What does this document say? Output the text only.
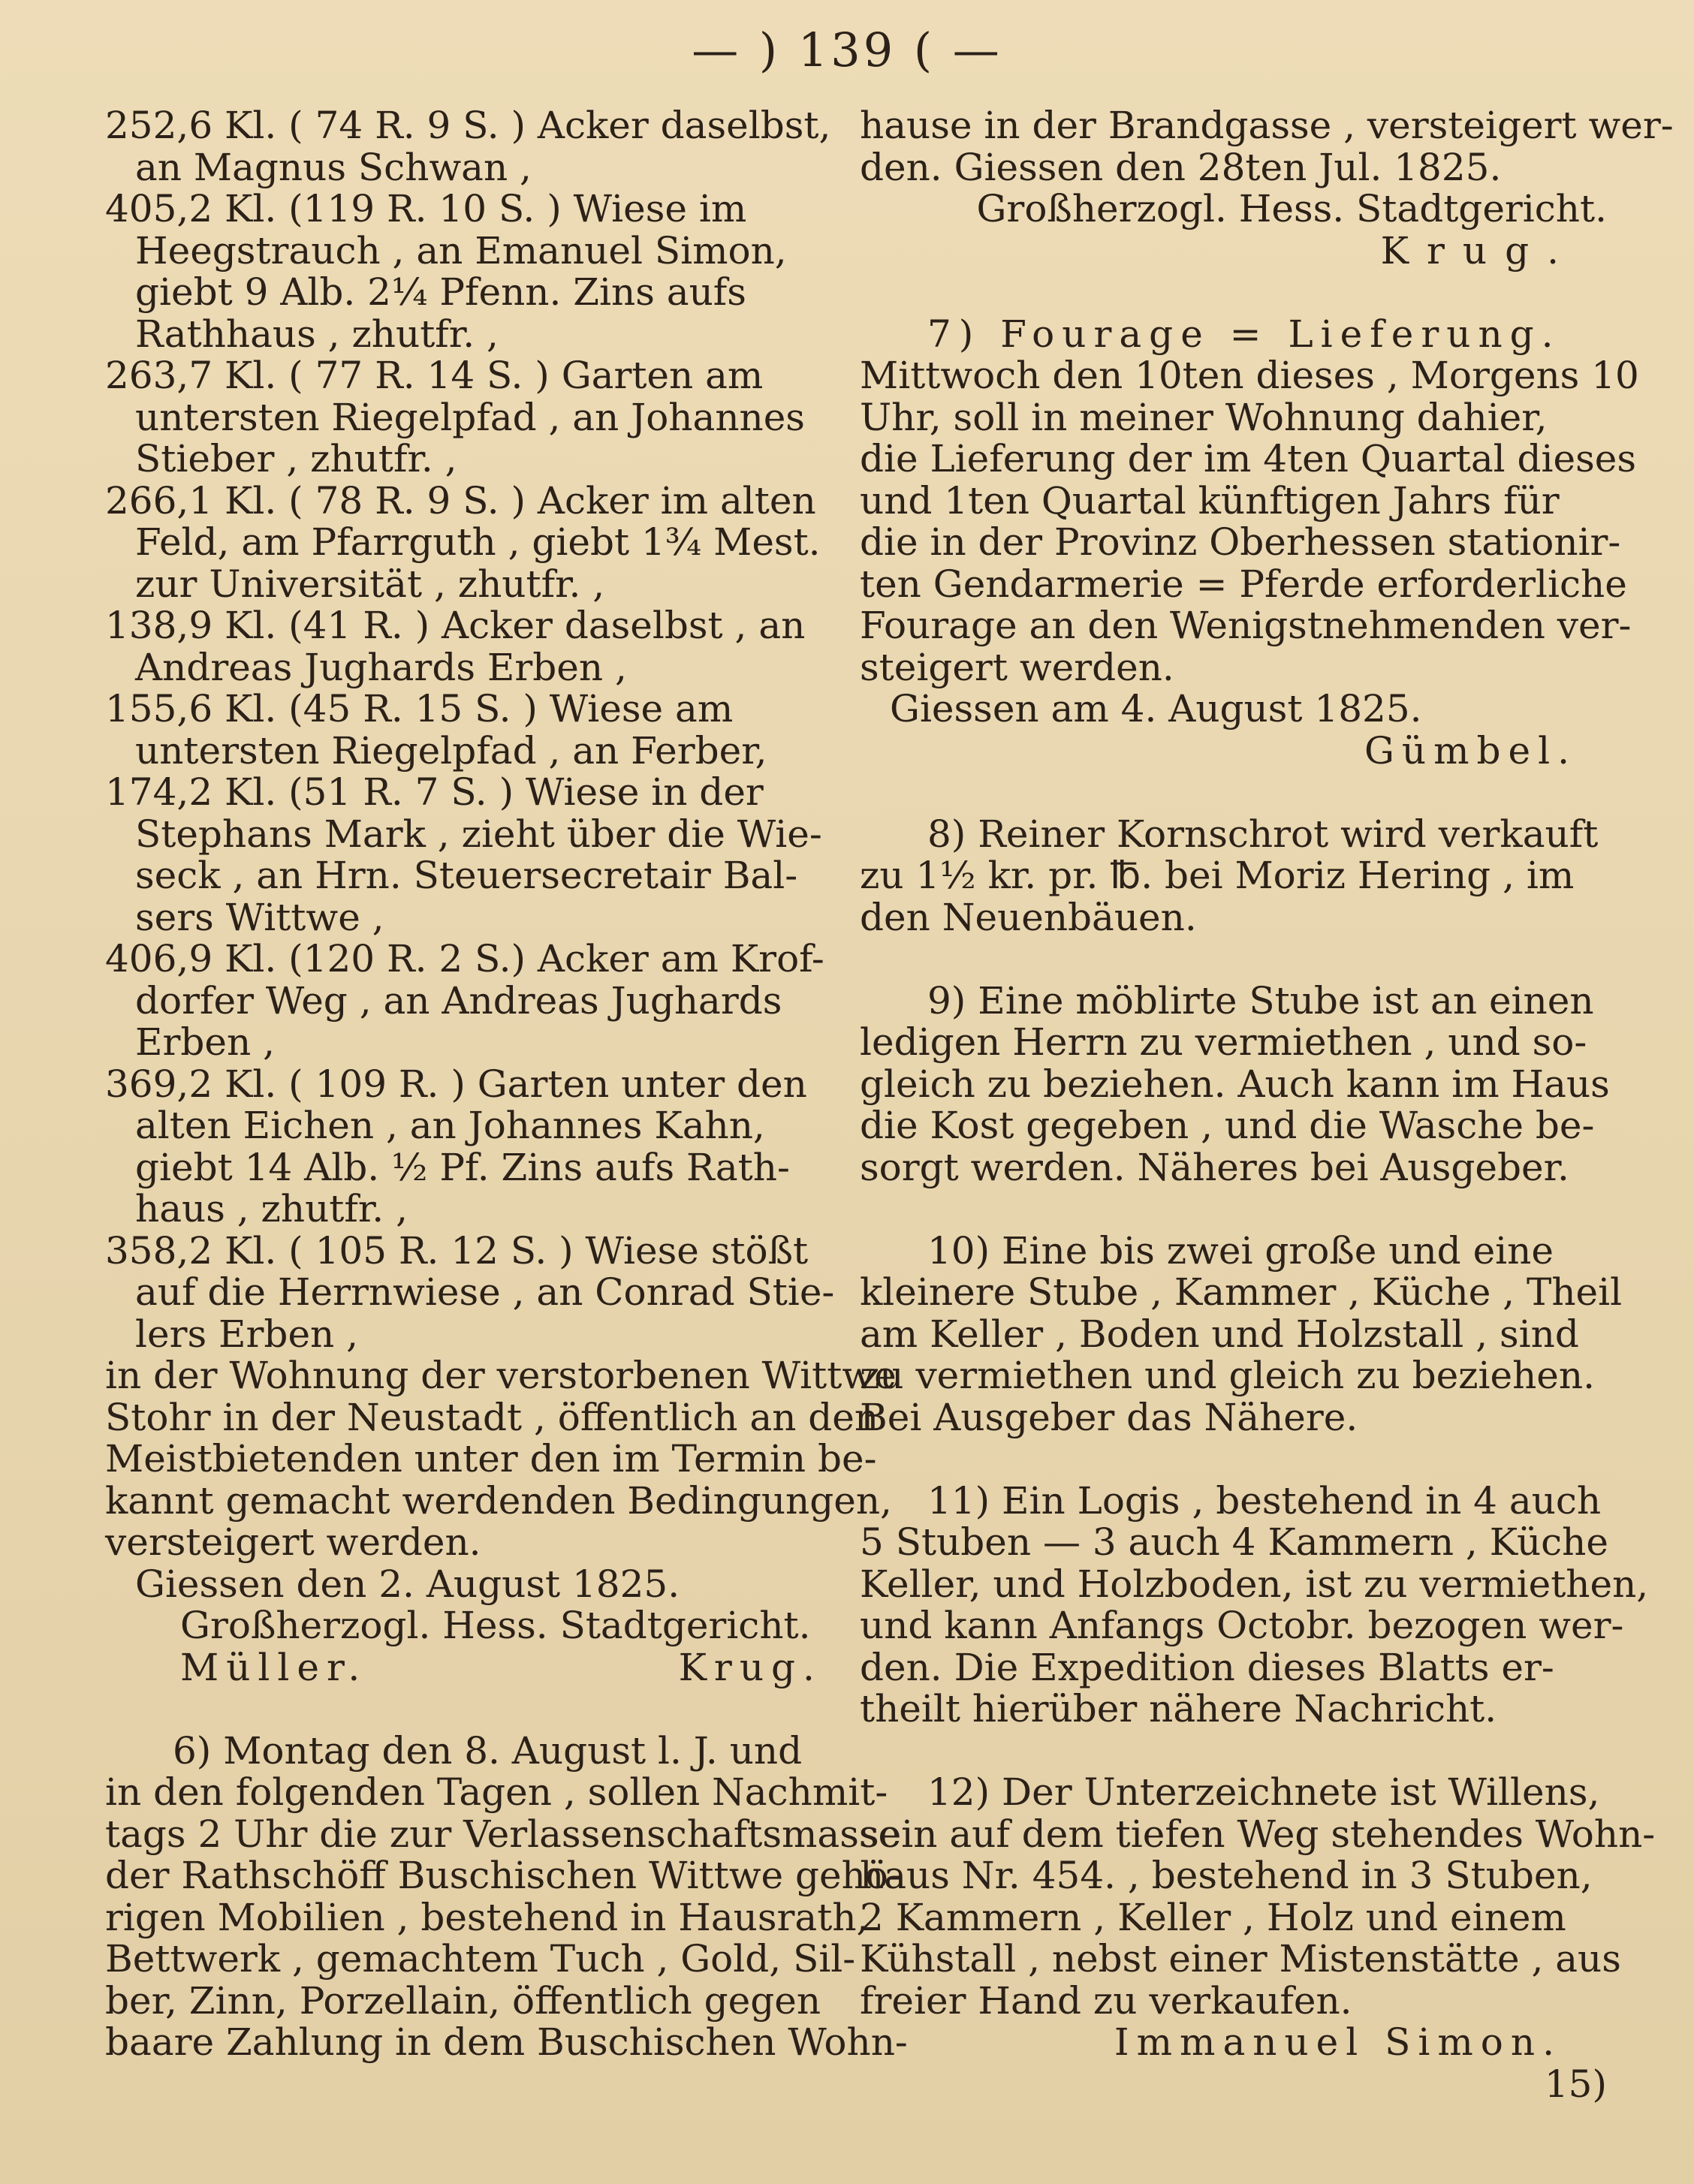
— ) 139 ( —
252,6 Kl. ( 74 R. 9 S. ) Acker daselbst,
an Magnus Schwan ,
405,2 Kl. (119 R. 10 S. ) Wiese im
Heegstrauch , an Emanuel Simon,
giebt 9 Alb. 2¼ Pfenn. Zins aufs
Rathhaus , zhutfr. ,
263,7 Kl. ( 77 R. 14 S. ) Garten am
untersten Riegelpfad , an Johannes
Stieber , zhutfr. ,
266,1 Kl. ( 78 R. 9 S. ) Acker im alten
Feld, am Pfarrguth , giebt 1¾ Mest.
zur Universität , zhutfr. ,
138,9 Kl. (41 R. ) Acker daselbst , an
Andreas Jughards Erben ,
155,6 Kl. (45 R. 15 S. ) Wiese am
untersten Riegelpfad , an Ferber,
174,2 Kl. (51 R. 7 S. ) Wiese in der
Stephans Mark , zieht über die Wie-
seck , an Hrn. Steuersecretair Bal-
sers Wittwe ,
406,9 Kl. (120 R. 2 S.) Acker am Krof-
dorfer Weg , an Andreas Jughards
Erben ,
369,2 Kl. ( 109 R. ) Garten unter den
alten Eichen , an Johannes Kahn,
giebt 14 Alb. ½ Pf. Zins aufs Rath-
haus , zhutfr. ,
358,2 Kl. ( 105 R. 12 S. ) Wiese stößt
auf die Herrnwiese , an Conrad Stie-
lers Erben ,
in der Wohnung der verstorbenen Wittwe
Stohr in der Neustadt , öffentlich an den
Meistbietenden unter den im Termin be-
kannt gemacht werdenden Bedingungen,
versteigert werden.
Giessen den 2. August 1825.
Großherzogl. Hess. Stadtgericht.
Müller.                Krug.
6) Montag den 8. August l. J. und
in den folgenden Tagen , sollen Nachmit-
tags 2 Uhr die zur Verlassenschaftsmasse
der Rathschöff Buschischen Wittwe gehö-
rigen Mobilien , bestehend in Hausrath,
Bettwerk , gemachtem Tuch , Gold, Sil-
ber, Zinn, Porzellain, öffentlich gegen
baare Zahlung in dem Buschischen Wohn-
hause in der Brandgasse , versteigert wer-
den. Giessen den 28ten Jul. 1825.
Großherzogl. Hess. Stadtgericht.
Krug.
7) Fourage = Lieferung.
Mittwoch den 10ten dieses , Morgens 10
Uhr, soll in meiner Wohnung dahier,
die Lieferung der im 4ten Quartal dieses
und 1ten Quartal künftigen Jahrs für
die in der Provinz Oberhessen stationir-
ten Gendarmerie = Pferde erforderliche
Fourage an den Wenigstnehmenden ver-
steigert werden.
Giessen am 4. August 1825.
Gümbel.
8) Reiner Kornschrot wird verkauft
zu 1½ kr. pr. ℔. bei Moriz Hering , im
den Neuenbäuen.
9) Eine möblirte Stube ist an einen
ledigen Herrn zu vermiethen , und so-
gleich zu beziehen. Auch kann im Haus
die Kost gegeben , und die Wasche be-
sorgt werden. Näheres bei Ausgeber.
10) Eine bis zwei große und eine
kleinere Stube , Kammer , Küche , Theil
am Keller , Boden und Holzstall , sind
zu vermiethen und gleich zu beziehen.
Bei Ausgeber das Nähere.
11) Ein Logis , bestehend in 4 auch
5 Stuben — 3 auch 4 Kammern , Küche
Keller, und Holzboden, ist zu vermiethen,
und kann Anfangs Octobr. bezogen wer-
den. Die Expedition dieses Blatts er-
theilt hierüber nähere Nachricht.
12) Der Unterzeichnete ist Willens,
sein auf dem tiefen Weg stehendes Wohn-
haus Nr. 454. , bestehend in 3 Stuben,
2 Kammern , Keller , Holz und einem
Kühstall , nebst einer Mistenstätte , aus
freier Hand zu verkaufen.
Immanuel Simon.
15)
